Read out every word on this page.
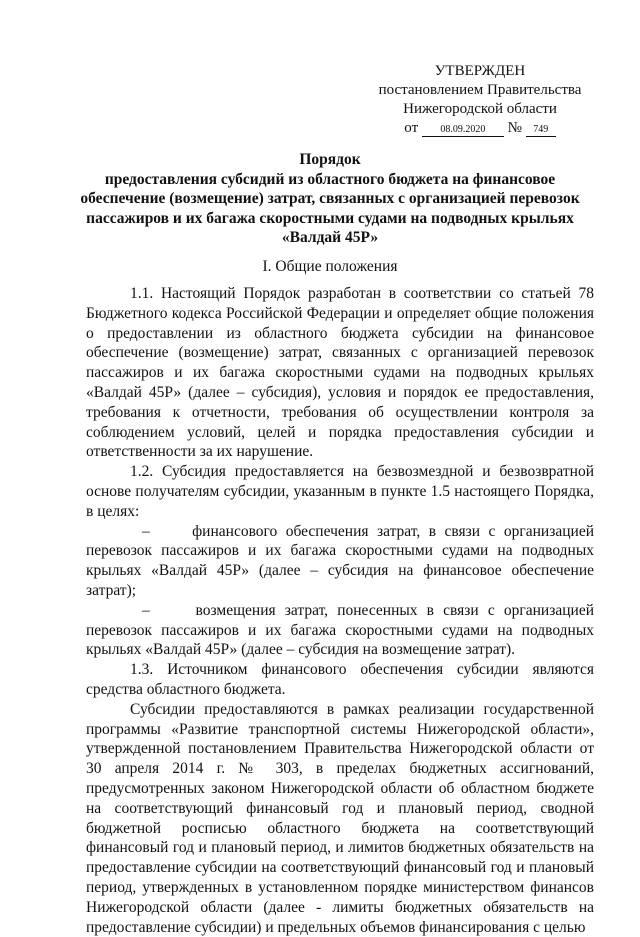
УТВЕРЖДЕН
постановлением Правительства
Нижегородской области
от 08.09.2020 № 749
Порядок
предоставления субсидий из областного бюджета на финансовое
обеспечение (возмещение) затрат, связанных с организацией перевозок
пассажиров и их багажа скоростными судами на подводных крыльях
«Валдай 45Р»
I. Общие положения

1.1. Настоящий Порядок разработан в соответствии со статьей 78 Бюджетного кодекса Российской Федерации и определяет общие положения о предоставлении из областного бюджета субсидии на финансовое обеспечение (возмещение) затрат, связанных с организацией перевозок пассажиров и их багажа скоростными судами на подводных крыльях «Валдай 45Р» (далее – субсидия), условия и порядок ее предоставления, требования к отчетности, требования об осуществлении контроля за соблюдением условий, целей и порядка предоставления субсидии и ответственности за их нарушение.

1.2. Субсидия предоставляется на безвозмездной и безвозвратной основе получателям субсидии, указанным в пункте 1.5 настоящего Порядка, в целях:

–     финансового обеспечения затрат, в связи с организацией перевозок пассажиров и их багажа скоростными судами на подводных крыльях «Валдай 45Р» (далее – субсидия на финансовое обеспечение затрат);

–     возмещения затрат, понесенных в связи с организацией перевозок пассажиров и их багажа скоростными судами на подводных крыльях «Валдай 45Р» (далее – субсидия на возмещение затрат).

1.3. Источником финансового обеспечения субсидии являются средства областного бюджета.

Субсидии предоставляются в рамках реализации государственной программы «Развитие транспортной системы Нижегородской области», утвержденной постановлением Правительства Нижегородской области от 30 апреля 2014 г. № 303, в пределах бюджетных ассигнований, предусмотренных законом Нижегородской области об областном бюджете на соответствующий финансовый год и плановый период, сводной бюджетной росписью областного бюджета на соответствующий финансовый год и плановый период, и лимитов бюджетных обязательств на предоставление субсидии на соответствующий финансовый год и плановый период, утвержденных в установленном порядке министерством финансов Нижегородской области (далее - лимиты бюджетных обязательств на предоставление субсидии) и предельных объемов финансирования с целью
